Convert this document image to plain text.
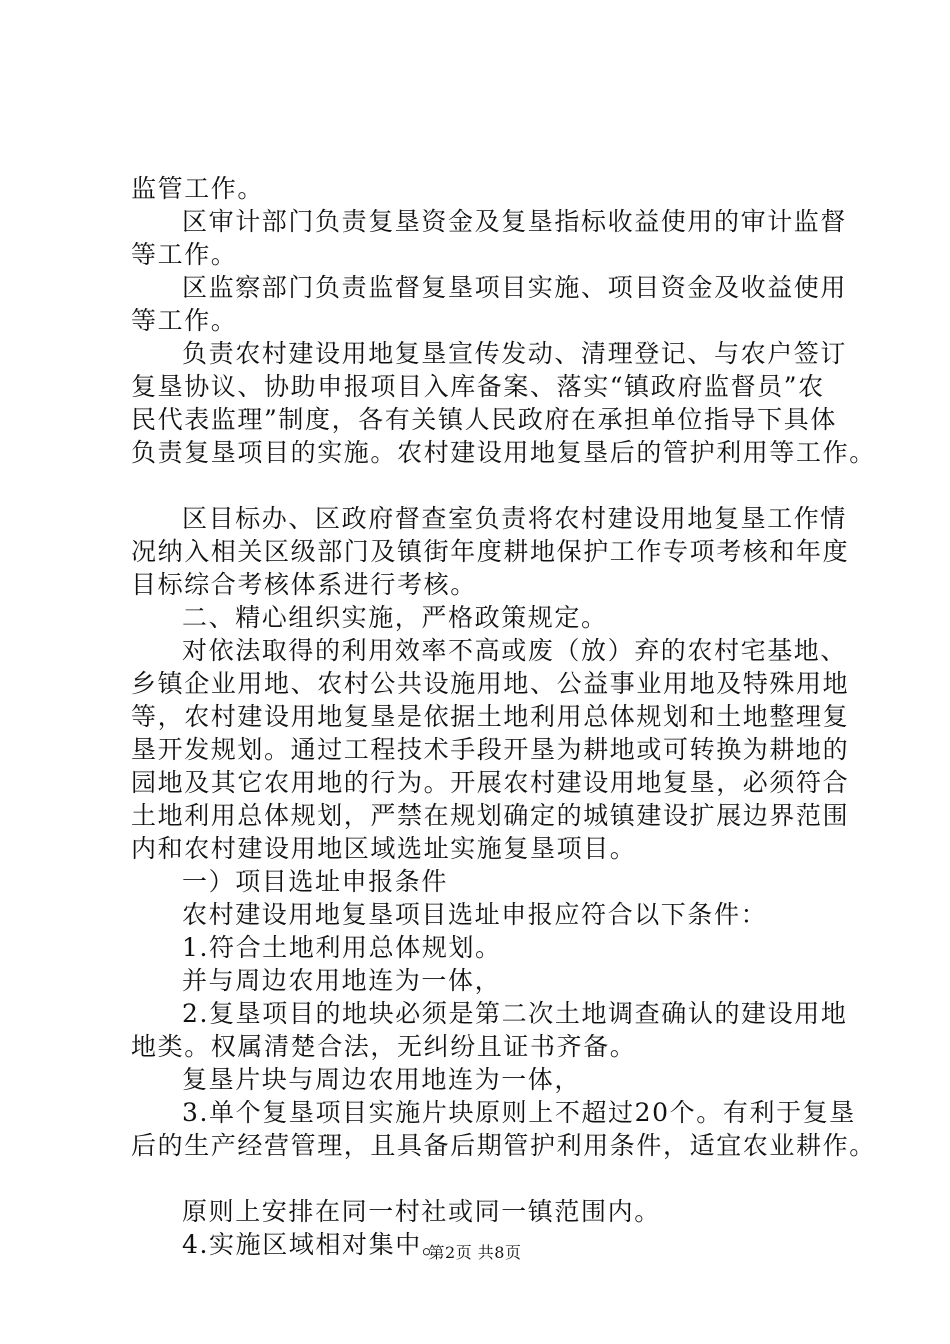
监管工作。
区审计部门负责复垦资金及复垦指标收益使用的审计监督
等工作。
区监察部门负责监督复垦项目实施、项目资金及收益使用
等工作。
负责农村建设用地复垦宣传发动、清理登记、与农户签订
复垦协议、协助申报项目入库备案、落实“镇政府监督员”农
民代表监理”制度，各有关镇人民政府在承担单位指导下具体
负责复垦项目的实施。农村建设用地复垦后的管护利用等工作。
区目标办、区政府督查室负责将农村建设用地复垦工作情
况纳入相关区级部门及镇街年度耕地保护工作专项考核和年度
目标综合考核体系进行考核。
二、精心组织实施，严格政策规定。
对依法取得的利用效率不高或废（放）弃的农村宅基地、
乡镇企业用地、农村公共设施用地、公益事业用地及特殊用地
等，农村建设用地复垦是依据土地利用总体规划和土地整理复
垦开发规划。通过工程技术手段开垦为耕地或可转换为耕地的
园地及其它农用地的行为。开展农村建设用地复垦，必须符合
土地利用总体规划，严禁在规划确定的城镇建设扩展边界范围
内和农村建设用地区域选址实施复垦项目。
一）项目选址申报条件
农村建设用地复垦项目选址申报应符合以下条件：
1.符合土地利用总体规划。
并与周边农用地连为一体，
2.复垦项目的地块必须是第二次土地调查确认的建设用地
地类。权属清楚合法，无纠纷且证书齐备。
复垦片块与周边农用地连为一体，
3.单个复垦项目实施片块原则上不超过20个。有利于复垦
后的生产经营管理，且具备后期管护利用条件，适宜农业耕作。
原则上安排在同一村社或同一镇范围内。
4.实施区域相对集中。
第2页 共8页
